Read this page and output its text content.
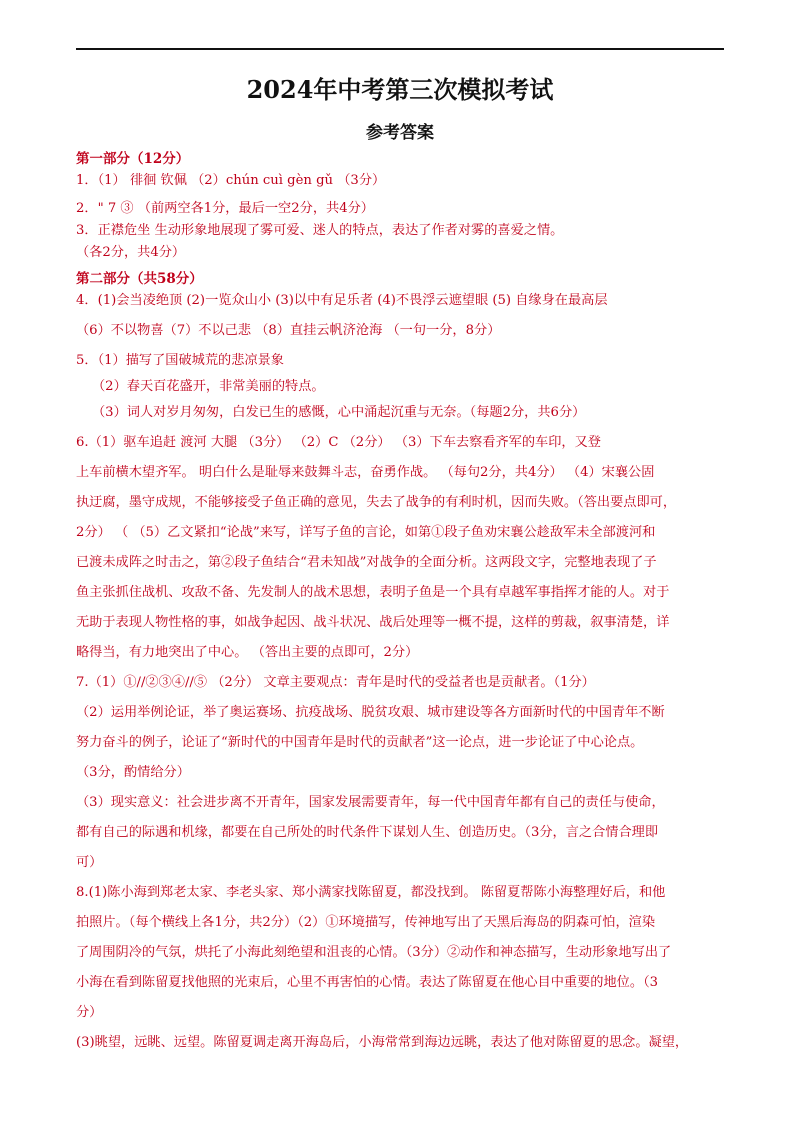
2024年中考第三次模拟考试
参考答案
第一部分（12分）
1．（1） 徘徊 钦佩 （2）chún cuì gèn gǔ （3分）
2．" 7 ③ （前两空各1分，最后一空2分，共4分）
3．正襟危坐 生动形象地展现了雾可爱、迷人的特点，表达了作者对雾的喜爱之情。
（各2分，共4分）
第二部分（共58分）
4．(1)会当凌绝顶 (2)一览众山小 (3)以中有足乐者 (4)不畏浮云遮望眼 (5) 自缘身在最高层
（6）不以物喜（7）不以己悲 （8）直挂云帆济沧海 （一句一分，8分）
5．（1）描写了国破城荒的悲凉景象
（2）春天百花盛开，非常美丽的特点。
（3）词人对岁月匆匆，白发已生的感慨，心中涌起沉重与无奈。（每题2分，共6分）
6.（1）驱车追赶 渡河 大腿 （3分） （2）C （2分） （3）下车去察看齐军的车印，又登
上车前横木望齐军。 明白什么是耻辱来鼓舞斗志，奋勇作战。 （每句2分，共4分） （4）宋襄公固
执迂腐，墨守成规，不能够接受子鱼正确的意见，失去了战争的有利时机，因而失败。（答出要点即可，
2分） （ （5）乙文紧扣“论战”来写，详写子鱼的言论，如第①段子鱼劝宋襄公趁敌军未全部渡河和
已渡未成阵之时击之，第②段子鱼结合“君未知战”对战争的全面分析。这两段文字，完整地表现了子
鱼主张抓住战机、攻敌不备、先发制人的战术思想，表明子鱼是一个具有卓越军事指挥才能的人。对于
无助于表现人物性格的事，如战争起因、战斗状况、战后处理等一概不提，这样的剪裁，叙事清楚，详
略得当，有力地突出了中心。 （答出主要的点即可，2分）
7.（1）①//②③④//⑤ （2分） 文章主要观点：青年是时代的受益者也是贡献者。（1分）
（2）运用举例论证，举了奥运赛场、抗疫战场、脱贫攻艰、城市建设等各方面新时代的中国青年不断
努力奋斗的例子，论证了“新时代的中国青年是时代的贡献者”这一论点，进一步论证了中心论点。
（3分，酌情给分）
（3）现实意义：社会进步离不开青年，国家发展需要青年，每一代中国青年都有自己的责任与使命，
都有自己的际遇和机缘，都要在自己所处的时代条件下谋划人生、创造历史。（3分，言之合情合理即
可）
8.(1)陈小海到郑老太家、李老头家、郑小满家找陈留夏，都没找到。 陈留夏帮陈小海整理好后，和他
拍照片。（每个横线上各1分，共2分）（2）①环境描写，传神地写出了天黑后海岛的阴森可怕，渲染
了周围阴冷的气氛，烘托了小海此刻绝望和沮丧的心情。（3分）②动作和神态描写，生动形象地写出了
小海在看到陈留夏找他照的光束后，心里不再害怕的心情。表达了陈留夏在他心目中重要的地位。（3
分）
(3)眺望，远眺、远望。陈留夏调走离开海岛后，小海常常到海边远眺，表达了他对陈留夏的思念。凝望，
